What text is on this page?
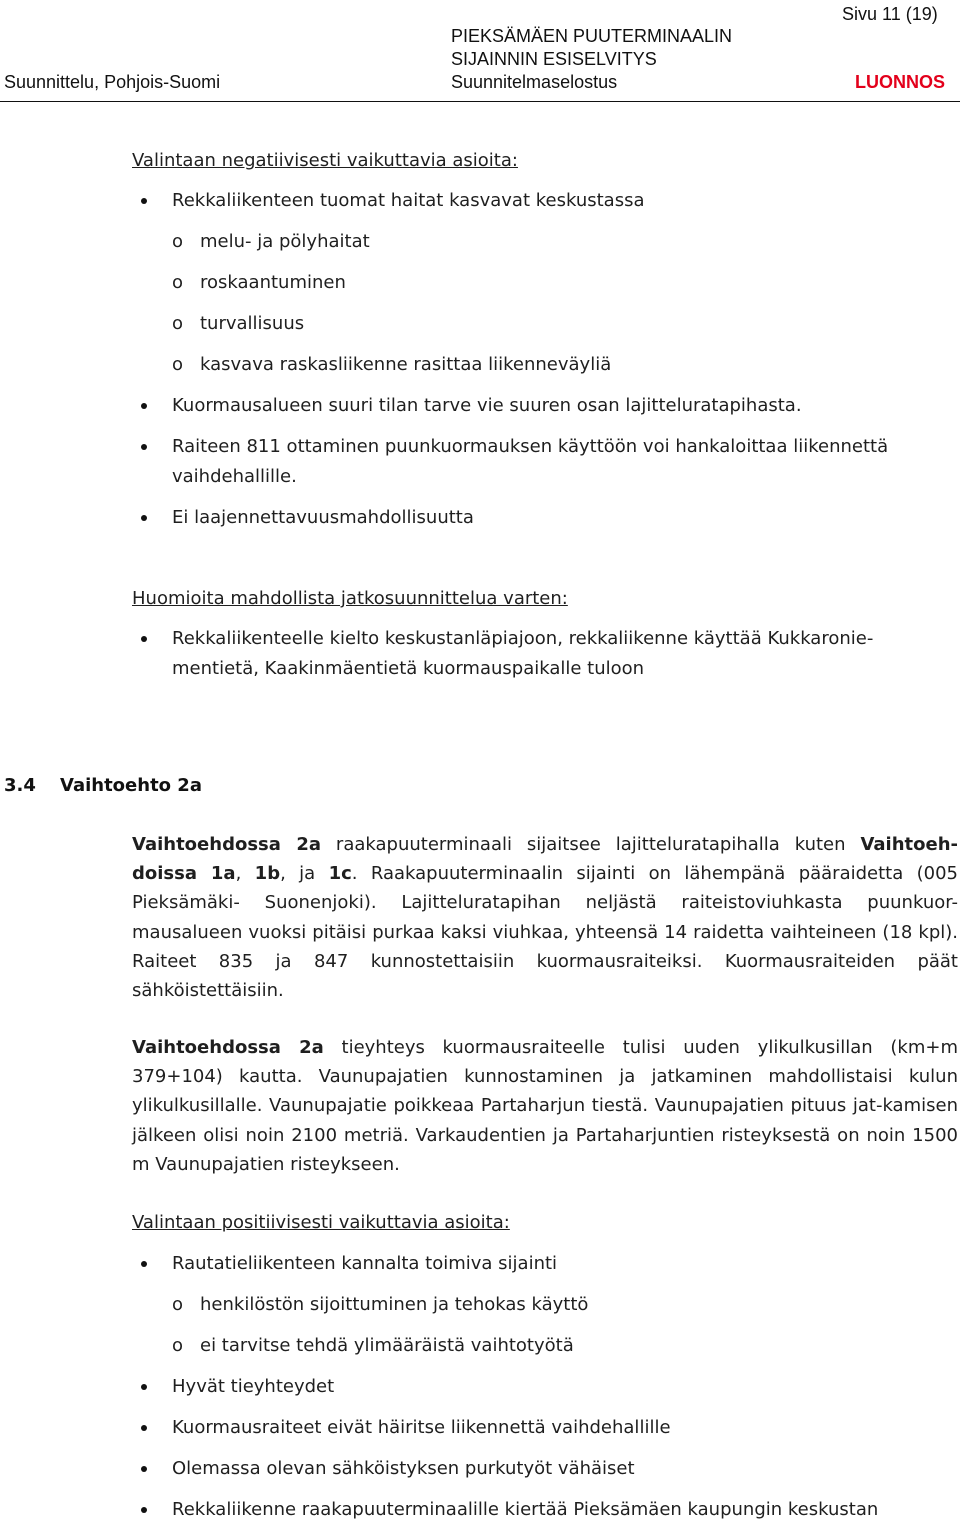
Sivu 11 (19)
PIEKSÄMÄEN PUUTERMINAALIN
SIJAINNIN ESISELVITYS
Suunnittelu, Pohjois-Suomi	Suunnitelmaselostus	LUONNOS
Valintaan negatiivisesti vaikuttavia asioita:
Rekkaliikenteen tuomat haitat kasvavat keskustassa
o melu- ja pölyhaitat
o roskaantuminen
o turvallisuus
o kasvava raskasliikenne rasittaa liikenneväyliä
Kuormausalueen suuri tilan tarve vie suuren osan lajitteluratapihasta.
Raiteen 811 ottaminen puunkuormauksen käyttöön voi hankaloittaa liikennettä
vaihdehallille.
Ei laajennettavuusmahdollisuutta
Huomioita mahdollista jatkosuunnittelua varten:
Rekkaliikenteelle kielto keskustanläpiajoon, rekkaliikenne käyttää Kukkaronie-
mentietä, Kaakinmäentietä kuormauspaikalle tuloon
3.4 Vaihtoehto 2a
Vaihtoehdossa 2a raakapuuterminaali sijaitsee lajitteluratapihalla kuten Vaihtoeh-doissa 1a, 1b, ja 1c. Raakapuuterminaalin sijainti on lähempänä pääraidetta (005 Pieksämäki- Suonenjoki). Lajitteluratapihan neljästä raiteistoviuhkasta puunkuor-mausalueen vuoksi pitäisi purkaa kaksi viuhkaa, yhteensä 14 raidetta vaihteineen (18 kpl). Raiteet 835 ja 847 kunnostettaisiin kuormausraiteiksi. Kuormausraiteiden päät sähköistettäisiin.
Vaihtoehdossa 2a tieyhteys kuormausraiteelle tulisi uuden ylikulkusillan (km+m 379+104) kautta. Vaunupajatien kunnostaminen ja jatkaminen mahdollistaisi kulun ylikulkusillalle. Vaunupajatie poikkeaa Partaharjun tiestä. Vaunupajatien pituus jat-kamisen jälkeen olisi noin 2100 metriä. Varkaudentien ja Partaharjuntien risteyksestä on noin 1500 m Vaunupajatien risteykseen.
Valintaan positiivisesti vaikuttavia asioita:
Rautatieliikenteen kannalta toimiva sijainti
o henkilöstön sijoittuminen ja tehokas käyttö
o ei tarvitse tehdä ylimääräistä vaihtotyötä
Hyvät tieyhteydet
Kuormausraiteet eivät häiritse liikennettä vaihdehallille
Olemassa olevan sähköistyksen purkutyöt vähäiset
Rekkaliikenne raakapuuterminaalille kiertää Pieksämäen kaupungin keskustan
